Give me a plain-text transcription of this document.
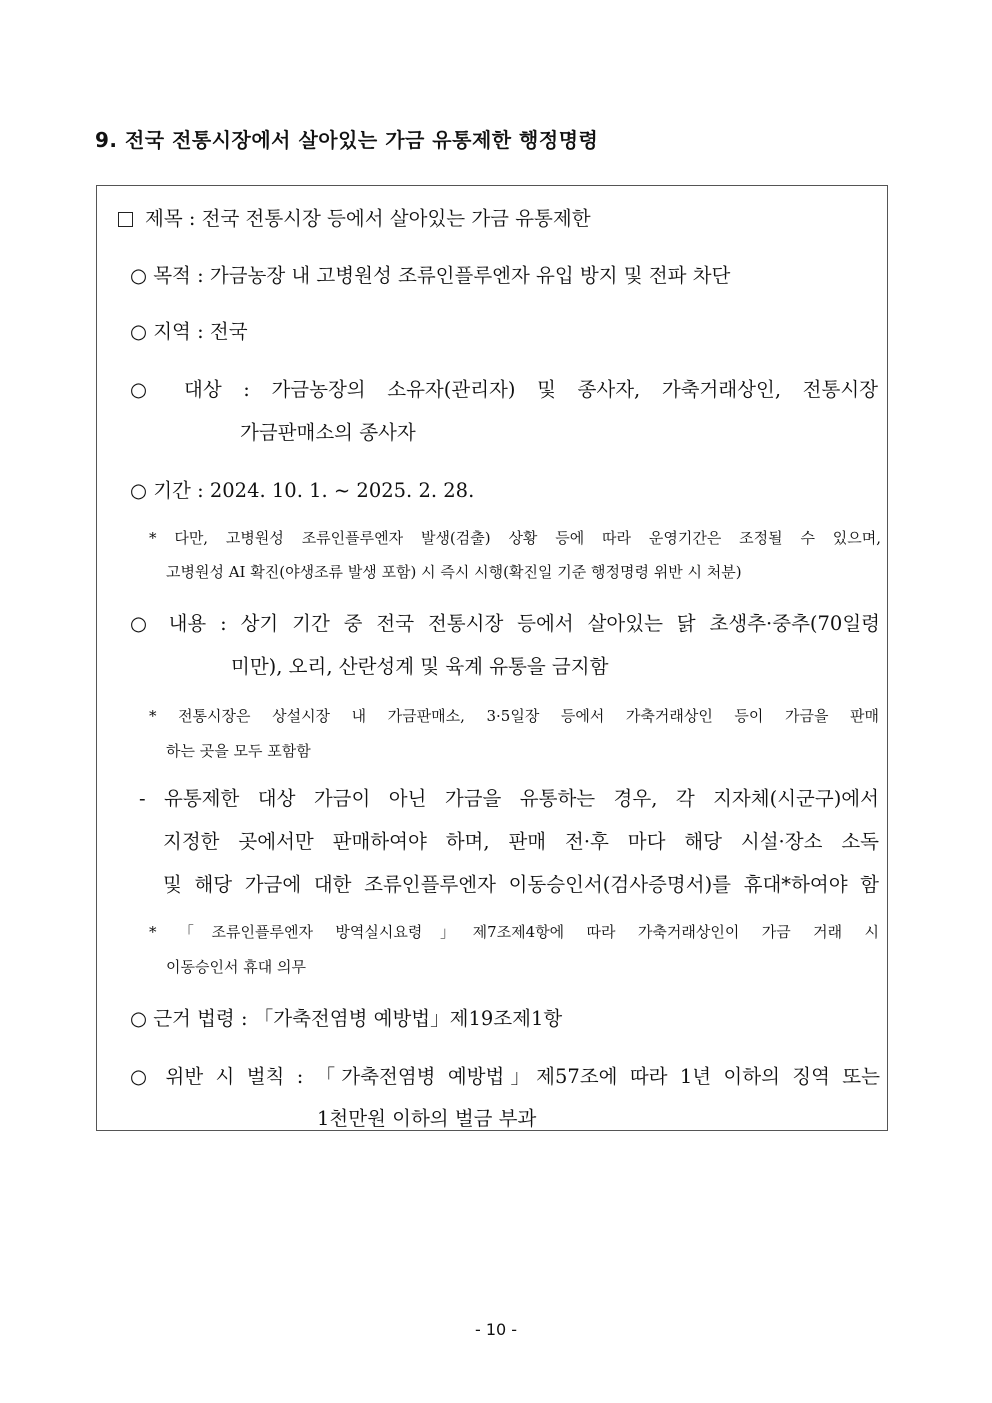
9. 전국 전통시장에서 살아있는 가금 유통제한 행정명령
제목 : 전국 전통시장 등에서 살아있는 가금 유통제한
○ 목적 : 가금농장 내 고병원성 조류인플루엔자 유입 방지 및 전파 차단
○ 지역 : 전국
○ 대상 : 가금농장의 소유자(관리자) 및 종사자, 가축거래상인, 전통시장
가금판매소의 종사자
○ 기간 : 2024. 10. 1. ~ 2025. 2. 28.
* 다만, 고병원성 조류인플루엔자 발생(검출) 상황 등에 따라 운영기간은 조정될 수 있으며,
고병원성 AI 확진(야생조류 발생 포함) 시 즉시 시행(확진일 기준 행정명령 위반 시 처분)
○ 내용 : 상기 기간 중 전국 전통시장 등에서 살아있는 닭 초생추·중추(70일령
미만), 오리, 산란성계 및 육계 유통을 금지함
* 전통시장은 상설시장 내 가금판매소, 3·5일장 등에서 가축거래상인 등이 가금을 판매
하는 곳을 모두 포함함
- 유통제한 대상 가금이 아닌 가금을 유통하는 경우, 각 지자체(시군구)에서
지정한 곳에서만 판매하여야 하며, 판매 전·후 마다 해당 시설·장소 소독
및 해당 가금에 대한 조류인플루엔자 이동승인서(검사증명서)를 휴대*하여야 함
* 「조류인플루엔자 방역실시요령」제7조제4항에 따라 가축거래상인이 가금 거래 시
이동승인서 휴대 의무
○ 근거 법령 : 「가축전염병 예방법」제19조제1항
○ 위반 시 벌칙 : 「가축전염병 예방법」제57조에 따라 1년 이하의 징역 또는
1천만원 이하의 벌금 부과
- 10 -
